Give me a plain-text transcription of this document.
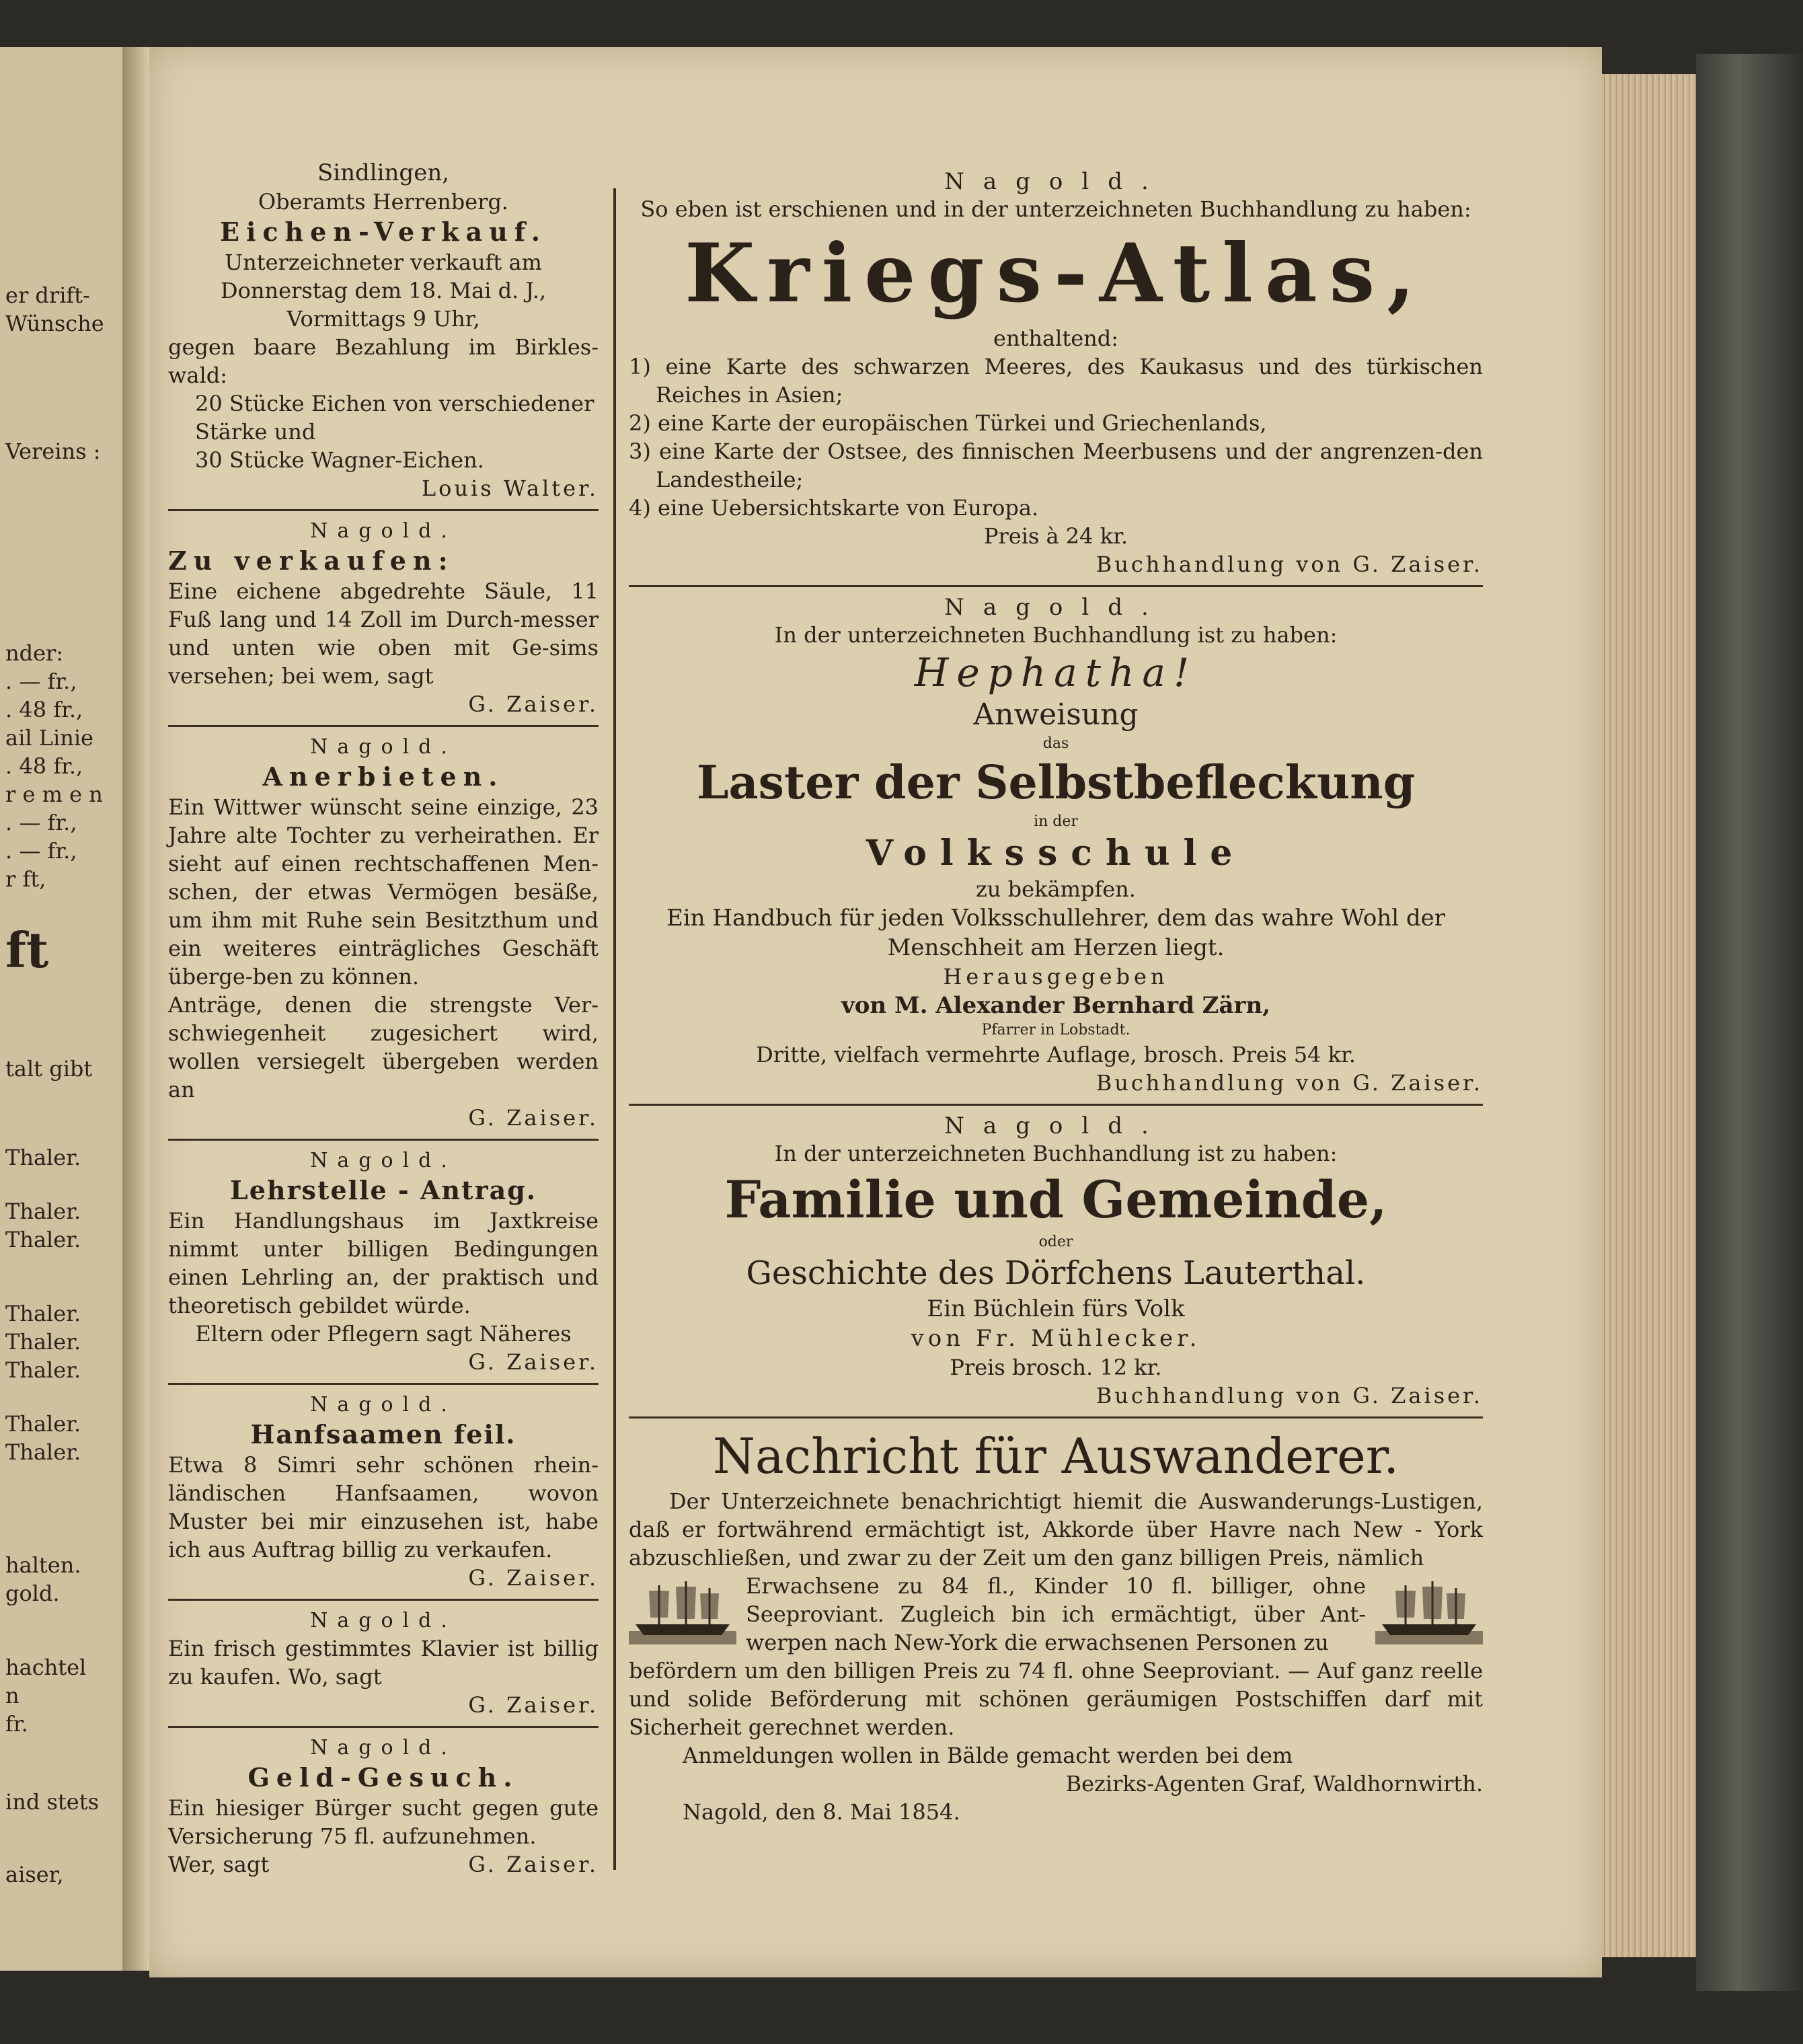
er drift-
Wünsche
Vereins :
nder:
. — fr.,
. 48 fr.,
ail Linie
. 48 fr.,
r e m e n
. — fr.,
. — fr.,
r ft,
ft
talt gibt
Thaler.
Thaler.
Thaler.
Thaler.
Thaler.
Thaler.
Thaler.
Thaler.
halten.
gold.
hachtel
n
fr.
ind stets
aiser,
Sindlingen,
Oberamts Herrenberg.
Eichen-Verkauf.
Unterzeichneter verkauft am
Donnerstag dem 18. Mai d. J.,
Vormittags 9 Uhr,
gegen baare Bezahlung im Birkles-wald:
20 Stücke Eichen von verschiedener Stärke und
30 Stücke Wagner-Eichen.
Louis Walter.
Nagold.
Zu verkaufen:
Eine eichene abgedrehte Säule, 11 Fuß lang und 14 Zoll im Durch-messer und unten wie oben mit Ge-sims versehen; bei wem, sagt
G. Zaiser.
Nagold.
Anerbieten.
Ein Wittwer wünscht seine einzige, 23 Jahre alte Tochter zu verheirathen. Er sieht auf einen rechtschaffenen Men-schen, der etwas Vermögen besäße, um ihm mit Ruhe sein Besitzthum und ein weiteres einträgliches Geschäft überge-ben zu können.
Anträge, denen die strengste Ver-schwiegenheit zugesichert wird, wollen versiegelt übergeben werden an
G. Zaiser.
Nagold.
Lehrstelle - Antrag.
Ein Handlungshaus im Jaxtkreise nimmt unter billigen Bedingungen einen Lehrling an, der praktisch und theoretisch gebildet würde.
Eltern oder Pflegern sagt Näheres
G. Zaiser.
Nagold.
Hanfsaamen feil.
Etwa 8 Simri sehr schönen rhein-ländischen Hanfsaamen, wovon Muster bei mir einzusehen ist, habe ich aus Auftrag billig zu verkaufen.
G. Zaiser.
Nagold.
Ein frisch gestimmtes Klavier ist billig zu kaufen. Wo, sagt
G. Zaiser.
Nagold.
Geld-Gesuch.
Ein hiesiger Bürger sucht gegen gute Versicherung 75 fl. aufzunehmen.
Wer, sagt	G. Zaiser.
Nagold.
So eben ist erschienen und in der unterzeichneten Buchhandlung zu haben:
Kriegs-Atlas,
enthaltend:
1) eine Karte des schwarzen Meeres, des Kaukasus und des türkischen Reiches in Asien;
2) eine Karte der europäischen Türkei und Griechenlands,
3) eine Karte der Ostsee, des finnischen Meerbusens und der angrenzen-den Landestheile;
4) eine Uebersichtskarte von Europa.
Preis à 24 kr.
Buchhandlung von G. Zaiser.
Nagold.
In der unterzeichneten Buchhandlung ist zu haben:
Hephatha!
Anweisung
das
Laster der Selbstbefleckung
in der
Volksschule
zu bekämpfen.
Ein Handbuch für jeden Volksschullehrer, dem das wahre Wohl der Menschheit am Herzen liegt.
Herausgegeben
von M. Alexander Bernhard Zärn,
Pfarrer in Lobstadt.
Dritte, vielfach vermehrte Auflage, brosch. Preis 54 kr.
Buchhandlung von G. Zaiser.
Nagold.
In der unterzeichneten Buchhandlung ist zu haben:
Familie und Gemeinde,
oder
Geschichte des Dörfchens Lauterthal.
Ein Büchlein fürs Volk
von Fr. Mühlecker.
Preis brosch. 12 kr.
Buchhandlung von G. Zaiser.
Nachricht für Auswanderer.
Der Unterzeichnete benachrichtigt hiemit die Auswanderungs-Lustigen, daß er fortwährend ermächtigt ist, Akkorde über Havre nach New - York abzuschließen, und zwar zu der Zeit um den ganz billigen Preis, nämlich
Erwachsene zu 84 fl., Kinder 10 fl. billiger, ohne Seeproviant. Zugleich bin ich ermächtigt, über Ant-werpen nach New-York die erwachsenen Personen zu
befördern um den billigen Preis zu 74 fl. ohne Seeproviant. — Auf ganz reelle und solide Beförderung mit schönen geräumigen Postschiffen darf mit Sicherheit gerechnet werden.
Anmeldungen wollen in Bälde gemacht werden bei dem
Bezirks-Agenten Graf, Waldhornwirth.
Nagold, den 8. Mai 1854.
